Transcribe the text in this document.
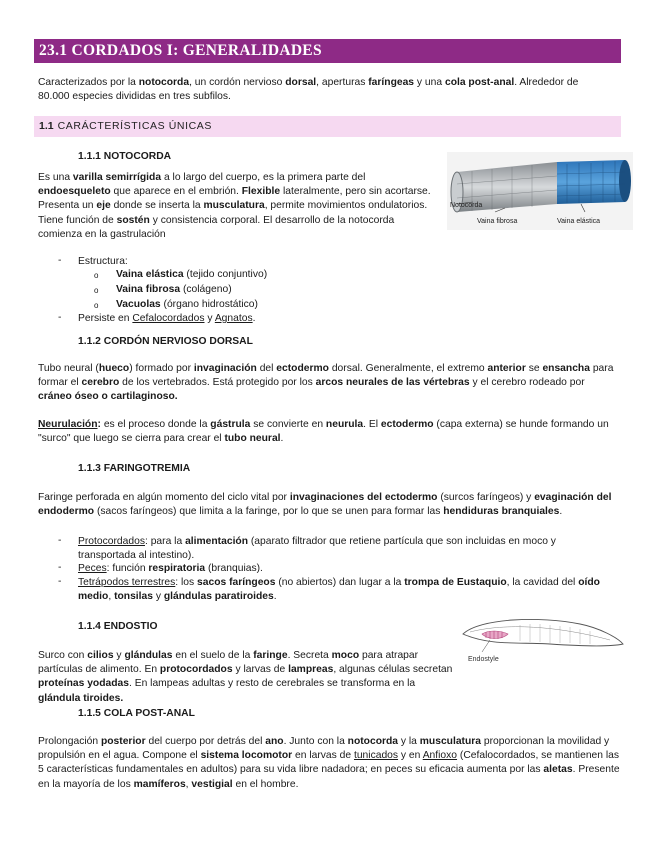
23.1 CORDADOS I: GENERALIDADES

Caracterizados por la notocorda, un cordón nervioso dorsal, aperturas faríngeas y una cola post-anal. Alrededor de 80.000 especies divididas en tres subfilos.

1.1 CARÁCTERÍSTICAS ÚNICAS
1.1.1 NOTOCORDA

Es una varilla semirrígida a lo largo del cuerpo, es la primera parte del endoesqueleto que aparece en el embrión. Flexible lateralmente, pero sin acortarse. Presenta un eje donde se inserta la musculatura, permite movimientos ondulatorios. Tiene función de sostén y consistencia corporal. El desarrollo de la notocorda comienza en la gastrulación

Notocorda
Vaina fibrosa	Vaina elástica
- Estructura:
o Vaina elástica (tejido conjuntivo)
o Vaina fibrosa (colágeno)
o Vacuolas (órgano hidrostático)
- Persiste en Cefalocordados y Agnatos.
1.1.2 CORDÓN NERVIOSO DORSAL

Tubo neural (hueco) formado por invaginación del ectodermo dorsal. Generalmente, el extremo anterior se ensancha para formar el cerebro de los vertebrados. Está protegido por los arcos neurales de las vértebras y el cerebro rodeado por cráneo óseo o cartilaginoso.

Neurulación: es el proceso donde la gástrula se convierte en neurula. El ectodermo (capa externa) se hunde formando un "surco" que luego se cierra para crear el tubo neural.

1.1.3 FARINGOTREMIA

Faringe perforada en algún momento del ciclo vital por invaginaciones del ectodermo (surcos faríngeos) y evaginación del endodermo (sacos faríngeos) que limita a la faringe, por lo que se unen para formar las hendiduras branquiales.

- Protocordados: para la alimentación (aparato filtrador que retiene partícula que son incluidas en moco y transportada al intestino).
- Peces: función respiratoria (branquias).
- Tetrápodos terrestres: los sacos faríngeos (no abiertos) dan lugar a la trompa de Eustaquio, la cavidad del oído medio, tonsilas y glándulas paratiroides.
1.1.4 ENDOSTIO

Surco con cilios y glándulas en el suelo de la faringe. Secreta moco para atrapar partículas de alimento. En protocordados y larvas de lampreas, algunas células secretan proteínas yodadas. En lampeas adultas y resto de cerebrales se transforma en la glándula tiroides.

Endostyle
1.1.5 COLA POST-ANAL

Prolongación posterior del cuerpo por detrás del ano. Junto con la notocorda y la musculatura proporcionan la movilidad y propulsión en el agua. Compone el sistema locomotor en larvas de tunicados y en Anfioxo (Cefalocordados, se mantienen las 5 características fundamentales en adultos) para su vida libre nadadora; en peces su eficacia aumenta por las aletas. Presente en la mayoría de los mamíferos, vestigial en el hombre.
